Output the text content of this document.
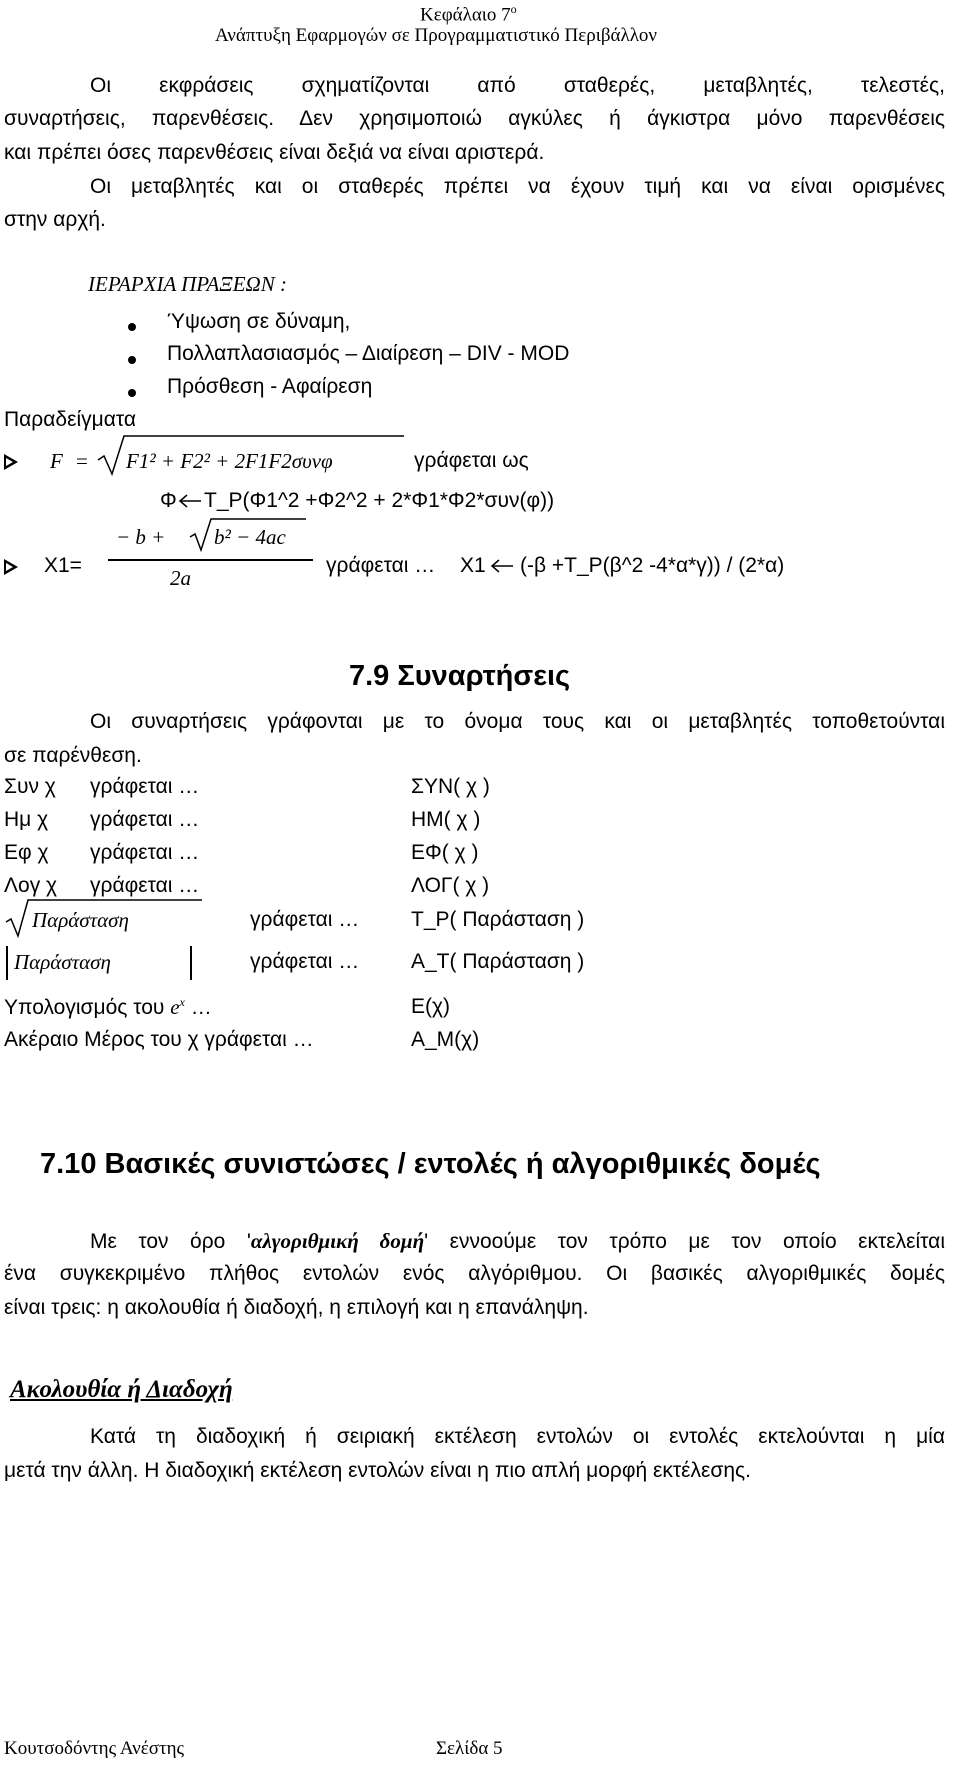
Κεφάλαιο $7^o$
Ανάπτυξη Εφαρμογών σε Προγραμματιστικό Περιβάλλον
Οι εκφράσεις σχηματίζονται από σταθερές, μεταβλητές, τελεστές,
συναρτήσεις, παρενθέσεις. Δεν χρησιμοποιώ αγκύλες ή άγκιστρα μόνο παρενθέσεις
και πρέπει όσες παρενθέσεις είναι δεξιά να είναι αριστερά.
Οι μεταβλητές και οι σταθερές πρέπει να έχουν τιμή και να είναι ορισμένες
στην αρχή.
ΙΕΡΑΡΧΙΑ ΠΡΑΞΕΩΝ :
Ύψωση σε δύναμη,
Πολλαπλασιασμός – Διαίρεση – DIV - MOD
Πρόσθεση - Αφαίρεση
Παραδείγματα
F = F1² + F2² + 2F1F2συνφ	γράφεται ως
Φ Τ_Ρ(Φ1^2 +Φ2^2 + 2*Φ1*Φ2*συν(φ))
X1=
− b + b² − 4ac
2a
γράφεται … Χ1 (-β +Τ_Ρ(β^2 -4*α*γ)) / (2*α)
7.9 Συναρτήσεις
Οι συναρτήσεις γράφονται με το όνομα τους και οι μεταβλητές τοποθετούνται
σε παρένθεση.
Συν χ γράφεται …	ΣΥΝ( χ )
Ημ χ γράφεται …	ΗΜ( χ )
Εφ χ γράφεται …	ΕΦ( χ )
Λογ χ γράφεται …	ΛΟΓ( χ )
Παράσταση	γράφεται … Τ_Ρ( Παράσταση )
Παράσταση	γράφεται … Α_Τ( Παράσταση )
Υπολογισμός του $e^x$ …	Ε(χ)
Ακέραιο Μέρος του χ γράφεται …	Α_Μ(χ)
7.10 Βασικές συνιστώσες / εντολές ή αλγοριθμικές δομές
Με τον όρο 'αλγοριθμική δομή' εννοούμε τον τρόπο με τον οποίο εκτελείται
ένα συγκεκριμένο πλήθος εντολών ενός αλγόριθμου. Οι βασικές αλγοριθμικές δομές
είναι τρεις: η ακολουθία ή διαδοχή, η επιλογή και η επανάληψη.
Ακολουθία ή Διαδοχή
Κατά τη διαδοχική ή σειριακή εκτέλεση εντολών οι εντολές εκτελούνται η μία
μετά την άλλη. Η διαδοχική εκτέλεση εντολών είναι η πιο απλή μορφή εκτέλεσης.
Κουτσοδόντης Ανέστης	Σελίδα 5
